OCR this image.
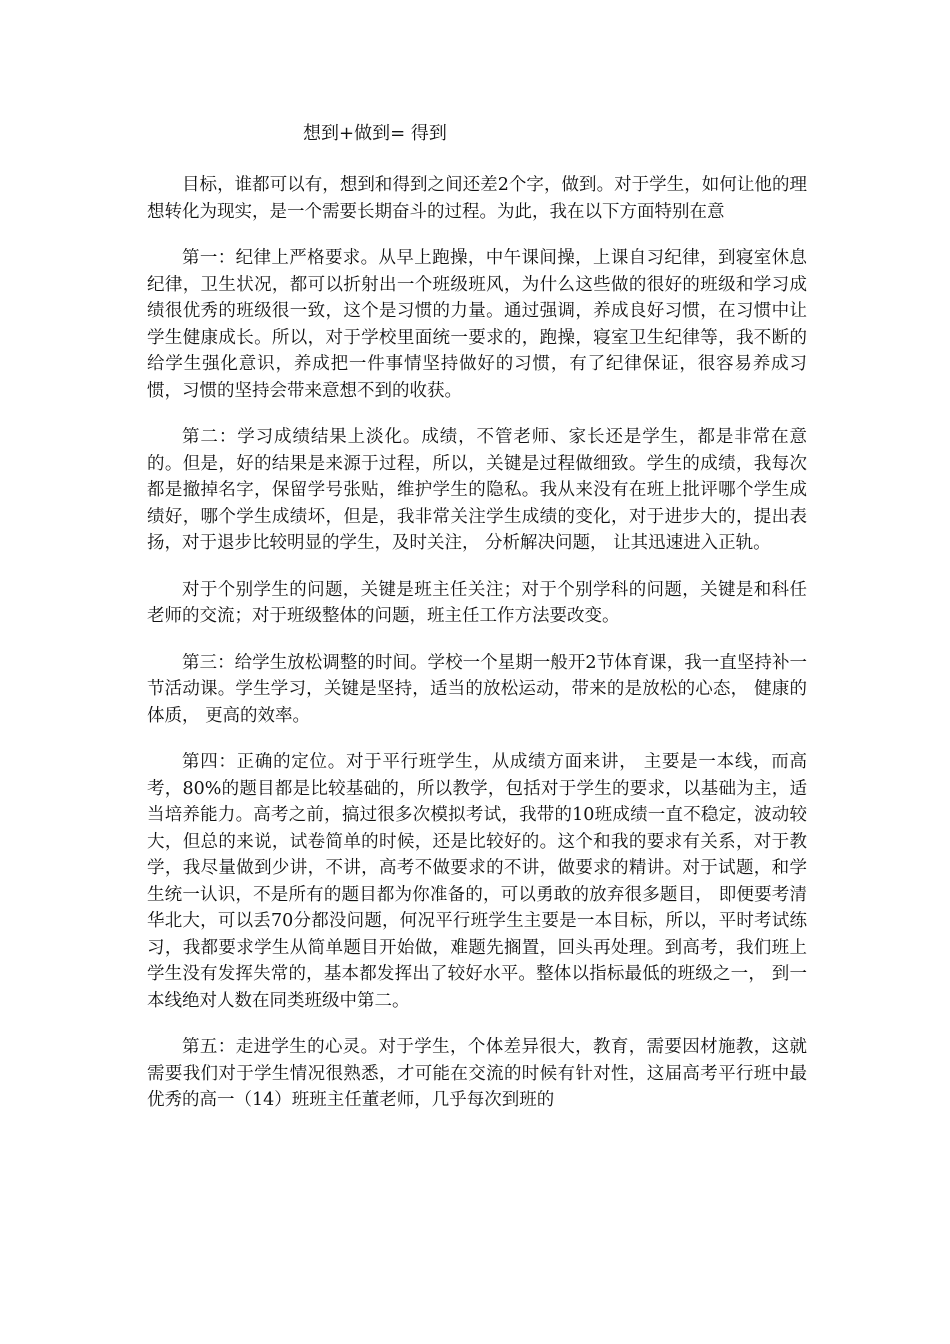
想到+做到= 得到

目标，谁都可以有，想到和得到之间还差2个字，做到。对于学生，如何让他的理想转化为现实，是一个需要长期奋斗的过程。为此，我在以下方面特别在意

第一：纪律上严格要求。从早上跑操，中午课间操，上课自习纪律，到寝室休息纪律，卫生状况，都可以折射出一个班级班风，为什么这些做的很好的班级和学习成绩很优秀的班级很一致，这个是习惯的力量。通过强调，养成良好习惯，在习惯中让学生健康成长。所以，对于学校里面统一要求的，跑操，寝室卫生纪律等，我不断的给学生强化意识，养成把一件事情坚持做好的习惯，有了纪律保证，很容易养成习惯，习惯的坚持会带来意想不到的收获。

第二：学习成绩结果上淡化。成绩，不管老师、家长还是学生，都是非常在意的。但是，好的结果是来源于过程，所以，关键是过程做细致。学生的成绩，我每次都是撤掉名字，保留学号张贴，维护学生的隐私。我从来没有在班上批评哪个学生成绩好，哪个学生成绩坏，但是，我非常关注学生成绩的变化，对于进步大的，提出表扬，对于退步比较明显的学生，及时关注， 分析解决问题， 让其迅速进入正轨。

对于个别学生的问题，关键是班主任关注；对于个别学科的问题，关键是和科任老师的交流；对于班级整体的问题，班主任工作方法要改变。

第三：给学生放松调整的时间。学校一个星期一般开2节体育课，我一直坚持补一节活动课。学生学习，关键是坚持，适当的放松运动，带来的是放松的心态， 健康的体质， 更高的效率。

第四：正确的定位。对于平行班学生，从成绩方面来讲， 主要是一本线，而高考，80%的题目都是比较基础的，所以教学，包括对于学生的要求，以基础为主，适当培养能力。高考之前，搞过很多次模拟考试，我带的10班成绩一直不稳定，波动较大，但总的来说，试卷简单的时候，还是比较好的。这个和我的要求有关系，对于教学，我尽量做到少讲，不讲，高考不做要求的不讲，做要求的精讲。对于试题，和学生统一认识，不是所有的题目都为你准备的，可以勇敢的放弃很多题目， 即便要考清华北大，可以丢70分都没问题，何况平行班学生主要是一本目标，所以，平时考试练习，我都要求学生从简单题目开始做，难题先搁置，回头再处理。到高考，我们班上学生没有发挥失常的，基本都发挥出了较好水平。整体以指标最低的班级之一， 到一本线绝对人数在同类班级中第二。

第五：走进学生的心灵。对于学生，个体差异很大，教育，需要因材施教，这就需要我们对于学生情况很熟悉，才可能在交流的时候有针对性，这届高考平行班中最优秀的高一（14）班班主任董老师，几乎每次到班的
